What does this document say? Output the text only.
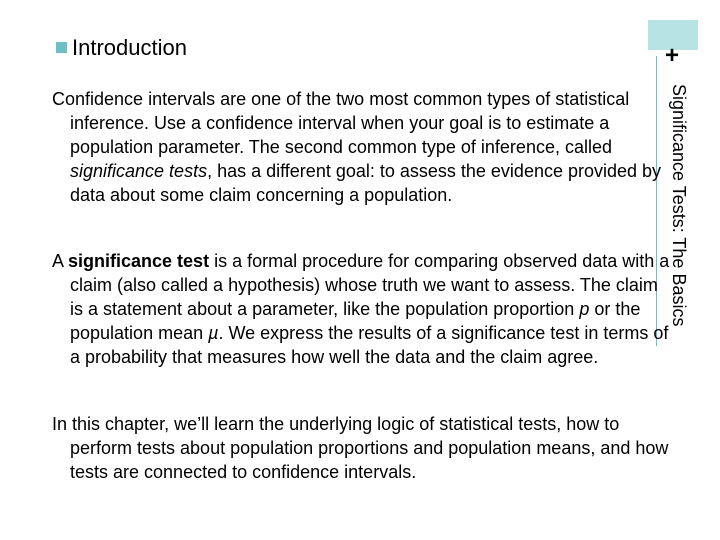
+
Significance Tests: The Basics
Introduction
Confidence intervals are one of the two most common types of statistical inference. Use a confidence interval when your goal is to estimate a population parameter. The second common type of inference, called significance tests, has a different goal: to assess the evidence provided by data about some claim concerning a population.
A significance test is a formal procedure for comparing observed data with a claim (also called a hypothesis) whose truth we want to assess. The claim is a statement about a parameter, like the population proportion p or the population mean µ. We express the results of a significance test in terms of a probability that measures how well the data and the claim agree.
In this chapter, we’ll learn the underlying logic of statistical tests, how to perform tests about population proportions and population means, and how tests are connected to confidence intervals.
